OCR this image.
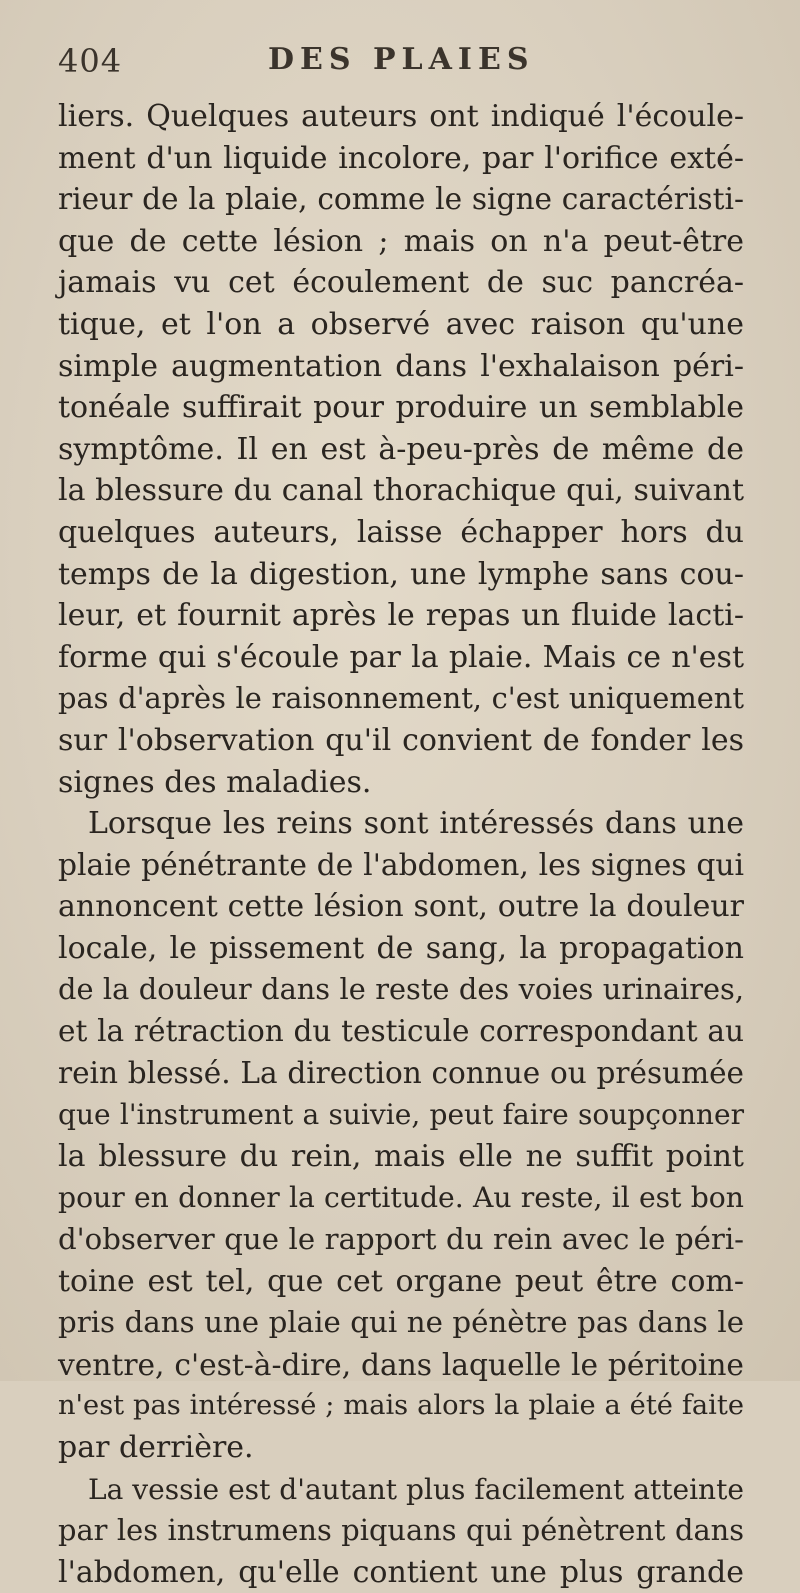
404	DES PLAIES
liers. Quelques auteurs ont indiqué l'écoule-
ment d'un liquide incolore, par l'orifice exté-
rieur de la plaie, comme le signe caractéristi-
que de cette lésion ; mais on n'a peut-être
jamais vu cet écoulement de suc pancréa-
tique, et l'on a observé avec raison qu'une
simple augmentation dans l'exhalaison péri-
tonéale suffirait pour produire un semblable
symptôme. Il en est à-peu-près de même de
la blessure du canal thorachique qui, suivant
quelques auteurs, laisse échapper hors du
temps de la digestion, une lymphe sans cou-
leur, et fournit après le repas un fluide lacti-
forme qui s'écoule par la plaie. Mais ce n'est
pas d'après le raisonnement, c'est uniquement
sur l'observation qu'il convient de fonder les
signes des maladies.
Lorsque les reins sont intéressés dans une
plaie pénétrante de l'abdomen, les signes qui
annoncent cette lésion sont, outre la douleur
locale, le pissement de sang, la propagation
de la douleur dans le reste des voies urinaires,
et la rétraction du testicule correspondant au
rein blessé. La direction connue ou présumée
que l'instrument a suivie, peut faire soupçonner
la blessure du rein, mais elle ne suffit point
pour en donner la certitude. Au reste, il est bon
d'observer que le rapport du rein avec le péri-
toine est tel, que cet organe peut être com-
pris dans une plaie qui ne pénètre pas dans le
ventre, c'est-à-dire, dans laquelle le péritoine
n'est pas intéressé ; mais alors la plaie a été faite
par derrière.
La vessie est d'autant plus facilement atteinte
par les instrumens piquans qui pénètrent dans
l'abdomen, qu'elle contient une plus grande
